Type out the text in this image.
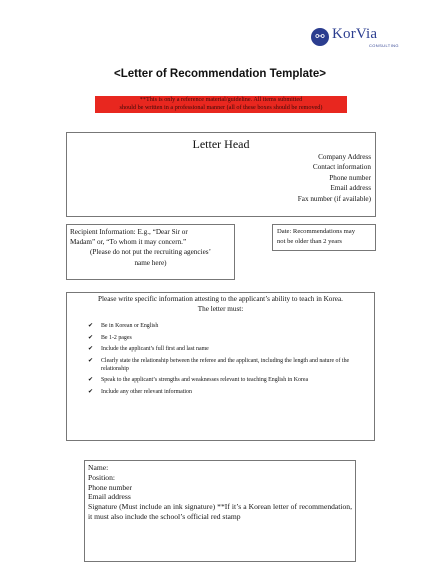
⚯ KorVia
CONSULTING
<Letter of Recommendation Template>
**This is only a reference material/guideline. All items submitted
should be written in a professional manner (all of these boxes should be removed)
Letter Head
Company Address
Contact information
Phone number
Email address
Fax number (if available)
Recipient Information: E.g., “Dear Sir or
Madam” or, “To whom it may concern.”
(Please do not put the recruiting agencies’
name here)
Date: Recommendations may
not be older than 2 years
Please write specific information attesting to the applicant’s ability to teach in Korea.
The letter must:
✔ Be in Korean or English
✔ Be 1-2 pages
✔ Include the applicant’s full first and last name
✔ Clearly state the relationship between the referee and the applicant, including the length and nature of the relationship
✔ Speak to the applicant’s strengths and weaknesses relevant to teaching English in Korea
✔ Include any other relevant information
Name:
Position:
Phone number
Email address
Signature (Must include an ink signature) **If it’s a Korean letter of recommendation, it must also include the school’s official red stamp
